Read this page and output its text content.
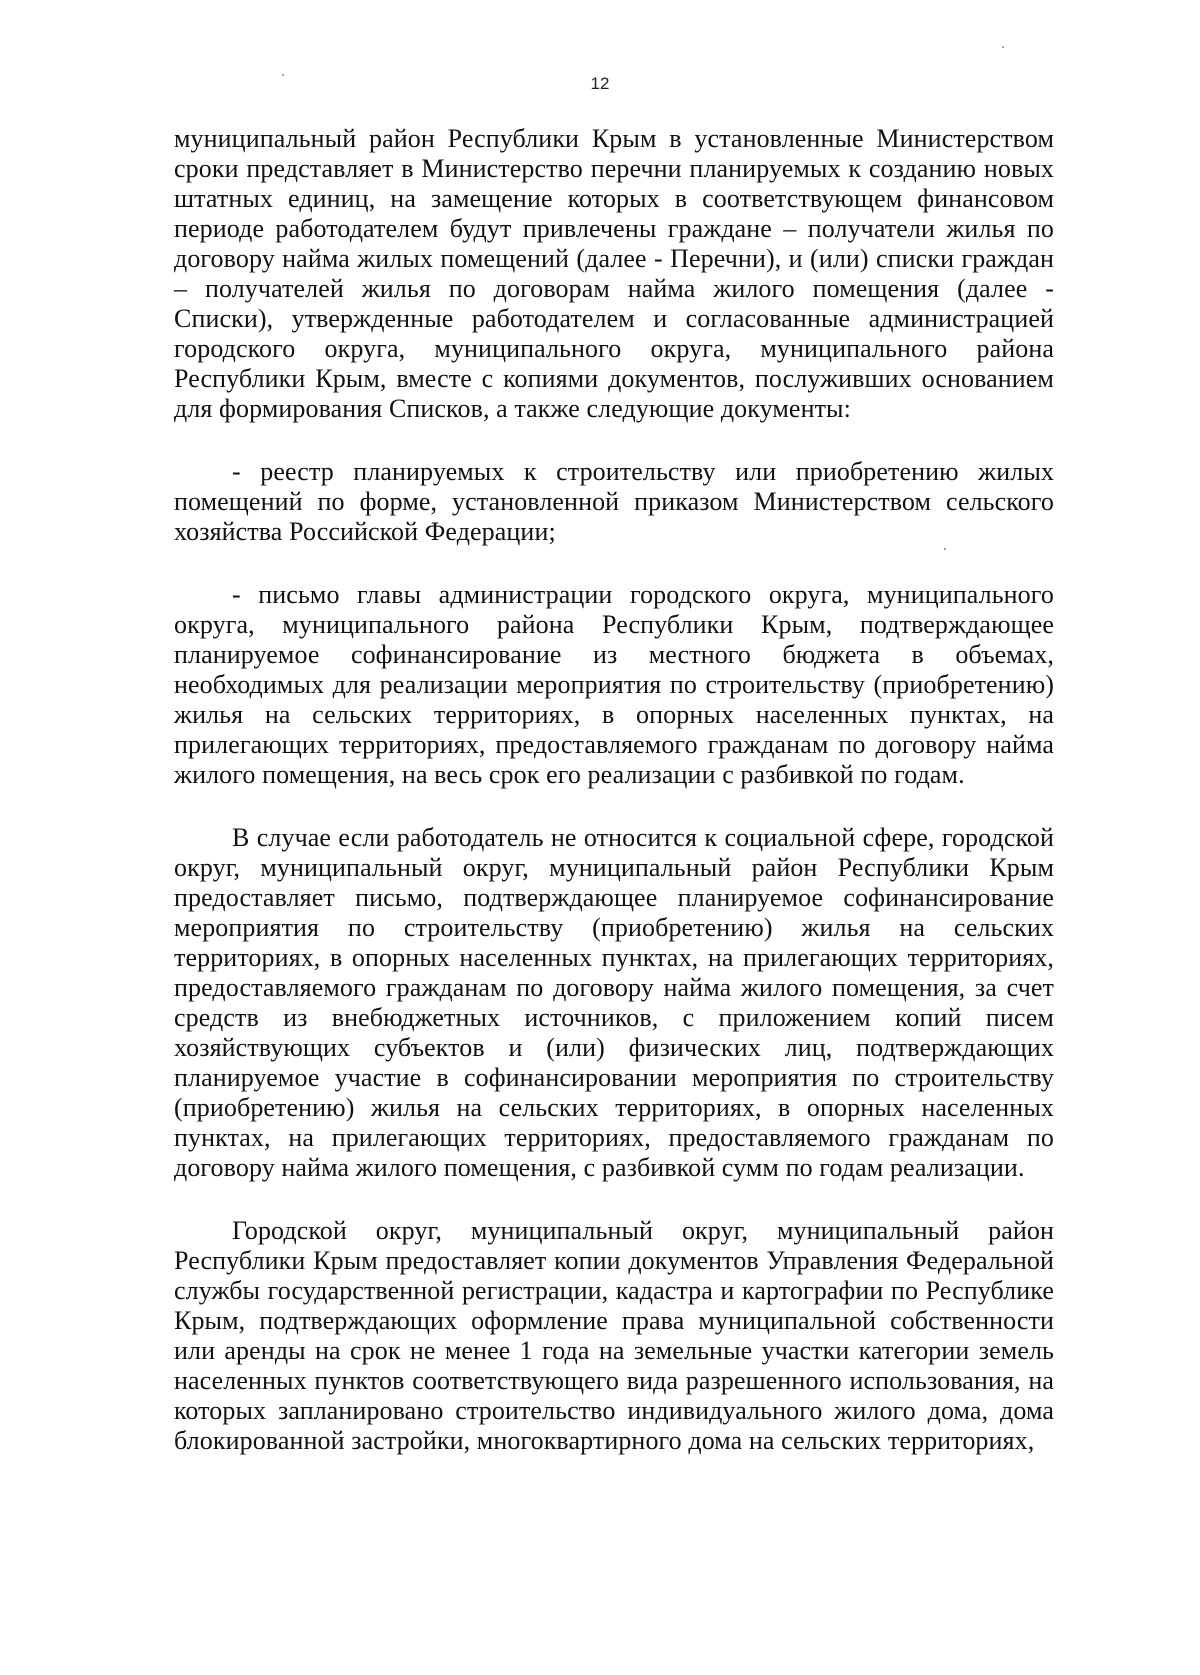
12

муниципальный район Республики Крым в установленные Министерством сроки представляет в Министерство перечни планируемых к созданию новых штатных единиц, на замещение которых в соответствующем финансовом периоде работодателем будут привлечены граждане – получатели жилья по договору найма жилых помещений (далее - Перечни), и (или) списки граждан – получателей жилья по договорам найма жилого помещения (далее - Списки), утвержденные работодателем и согласованные администрацией городского округа, муниципального округа, муниципального района Республики Крым, вместе с копиями документов, послуживших основанием для формирования Списков, а также следующие документы:

- реестр планируемых к строительству или приобретению жилых помещений по форме, установленной приказом Министерством сельского хозяйства Российской Федерации;

- письмо главы администрации городского округа, муниципального округа, муниципального района Республики Крым, подтверждающее планируемое софинансирование из местного бюджета в объемах, необходимых для реализации мероприятия по строительству (приобретению) жилья на сельских территориях, в опорных населенных пунктах, на прилегающих территориях, предоставляемого гражданам по договору найма жилого помещения, на весь срок его реализации с разбивкой по годам.

В случае если работодатель не относится к социальной сфере, городской округ, муниципальный округ, муниципальный район Республики Крым предоставляет письмо, подтверждающее планируемое софинансирование мероприятия по строительству (приобретению) жилья на сельских территориях, в опорных населенных пунктах, на прилегающих территориях, предоставляемого гражданам по договору найма жилого помещения, за счет средств из внебюджетных источников, с приложением копий писем хозяйствующих субъектов и (или) физических лиц, подтверждающих планируемое участие в софинансировании мероприятия по строительству (приобретению) жилья на сельских территориях, в опорных населенных пунктах, на прилегающих территориях, предоставляемого гражданам по договору найма жилого помещения, с разбивкой сумм по годам реализации.

Городской округ, муниципальный округ, муниципальный район Республики Крым предоставляет копии документов Управления Федеральной службы государственной регистрации, кадастра и картографии по Республике Крым, подтверждающих оформление права муниципальной собственности или аренды на срок не менее 1 года на земельные участки категории земель населенных пунктов соответствующего вида разрешенного использования, на которых запланировано строительство индивидуального жилого дома, дома блокированной застройки, многоквартирного дома на сельских территориях,
